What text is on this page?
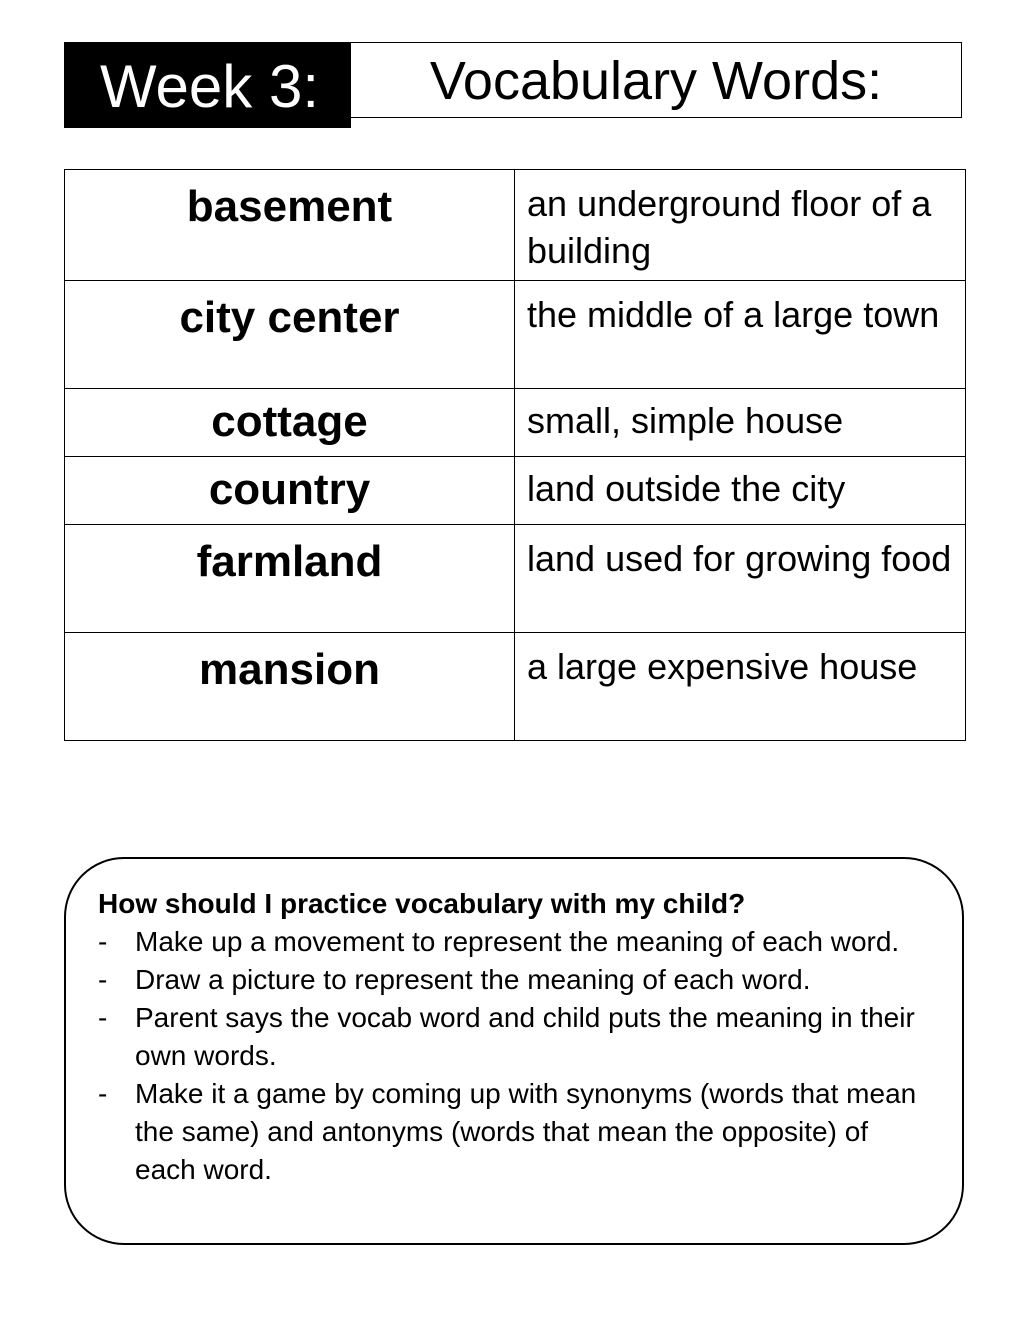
Vocabulary Words:
Week 3:
basement	an underground floor of a building
city center	the middle of a large town
cottage	small, simple house
country	land outside the city
farmland	land used for growing food
mansion	a large expensive house
How should I practice vocabulary with my child?
- Make up a movement to represent the meaning of each word.
- Draw a picture to represent the meaning of each word.
- Parent says the vocab word and child puts the meaning in their own words.
- Make it a game by coming up with synonyms (words that mean the same) and antonyms (words that mean the opposite) of each word.
